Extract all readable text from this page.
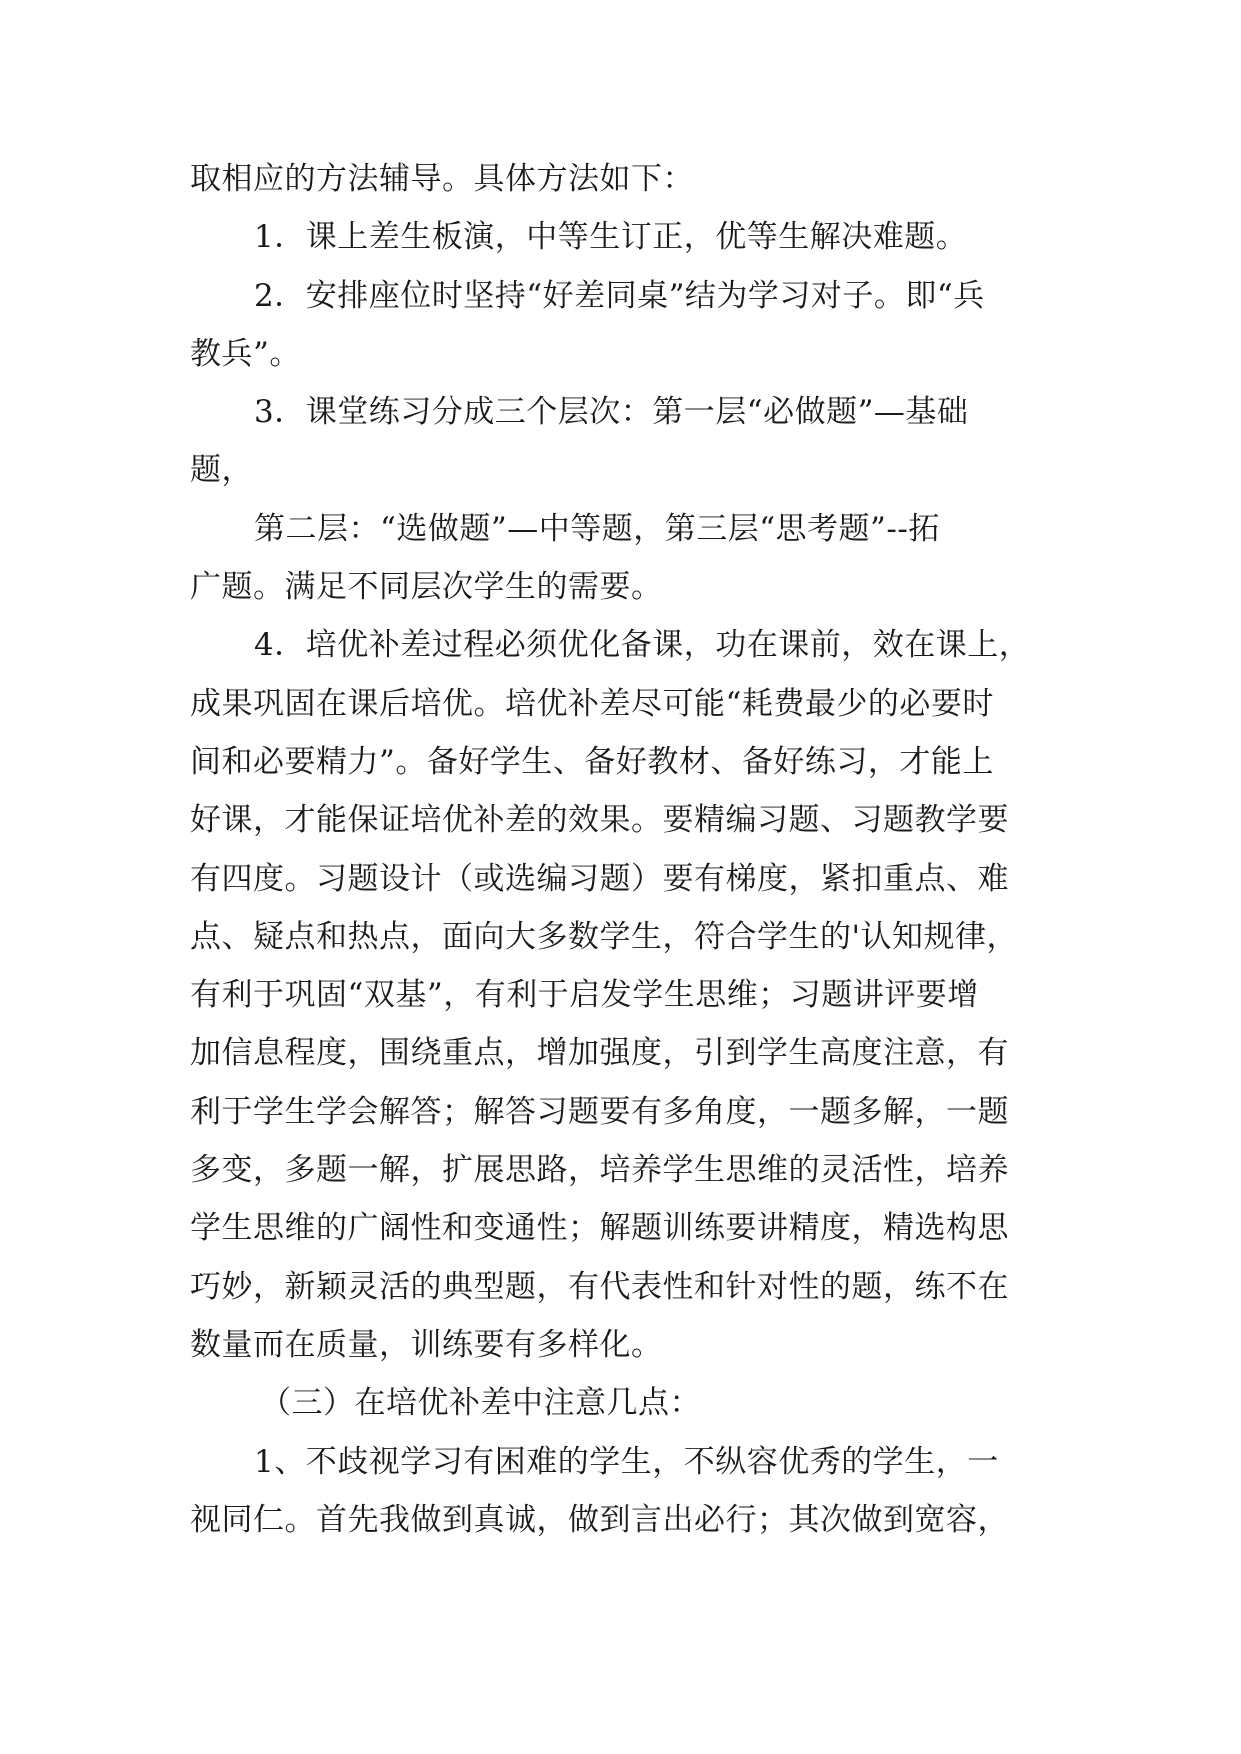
取相应的方法辅导。具体方法如下：
1．课上差生板演，中等生订正，优等生解决难题。
2．安排座位时坚持“好差同桌”结为学习对子。即“兵
教兵”。
3．课堂练习分成三个层次：第一层“必做题”—基础
题，
第二层：“选做题”—中等题，第三层“思考题”--拓
广题。满足不同层次学生的需要。
4．培优补差过程必须优化备课，功在课前，效在课上，
成果巩固在课后培优。培优补差尽可能“耗费最少的必要时
间和必要精力”。备好学生、备好教材、备好练习，才能上
好课，才能保证培优补差的效果。要精编习题、习题教学要
有四度。习题设计（或选编习题）要有梯度，紧扣重点、难
点、疑点和热点，面向大多数学生，符合学生的'认知规律，
有利于巩固“双基”，有利于启发学生思维；习题讲评要增
加信息程度，围绕重点，增加强度，引到学生高度注意，有
利于学生学会解答；解答习题要有多角度，一题多解，一题
多变，多题一解，扩展思路，培养学生思维的灵活性，培养
学生思维的广阔性和变通性；解题训练要讲精度，精选构思
巧妙，新颖灵活的典型题，有代表性和针对性的题，练不在
数量而在质量，训练要有多样化。
（三）在培优补差中注意几点：
1、不歧视学习有困难的学生，不纵容优秀的学生，一
视同仁。首先我做到真诚，做到言出必行；其次做到宽容，
